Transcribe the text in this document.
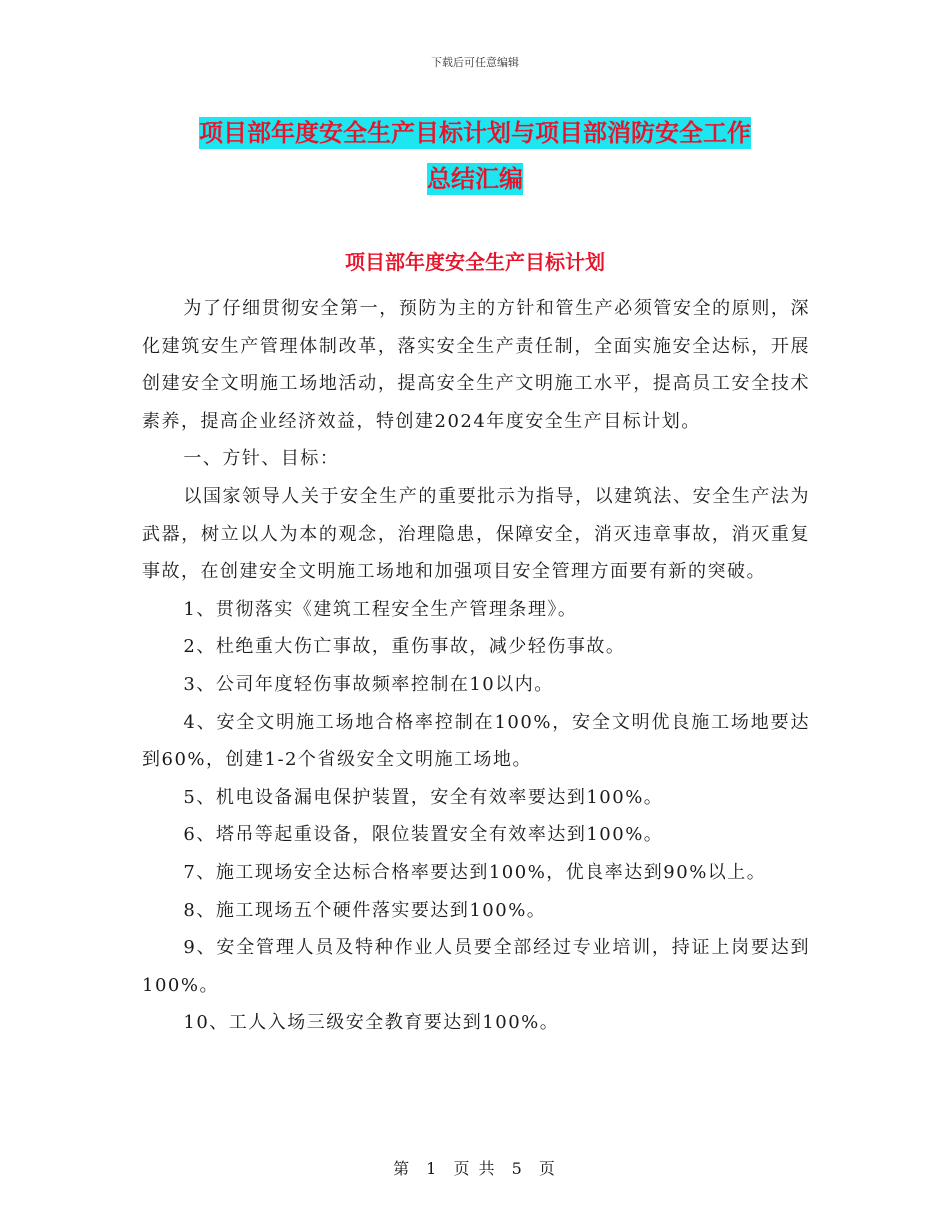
下载后可任意编辑
项目部年度安全生产目标计划与项目部消防安全工作
总结汇编
项目部年度安全生产目标计划

为了仔细贯彻安全第一，预防为主的方针和管生产必须管安全的原则，深化建筑安生产管理体制改革，落实安全生产责任制，全面实施安全达标，开展创建安全文明施工场地活动，提高安全生产文明施工水平，提高员工安全技术素养，提高企业经济效益，特创建2024年度安全生产目标计划。

一、方针、目标：

以国家领导人关于安全生产的重要批示为指导，以建筑法、安全生产法为武器，树立以人为本的观念，治理隐患，保障安全，消灭违章事故，消灭重复事故，在创建安全文明施工场地和加强项目安全管理方面要有新的突破。

1、贯彻落实《建筑工程安全生产管理条理》。

2、杜绝重大伤亡事故，重伤事故，减少轻伤事故。

3、公司年度轻伤事故频率控制在10以内。

4、安全文明施工场地合格率控制在100%，安全文明优良施工场地要达到60%，创建1-2个省级安全文明施工场地。

5、机电设备漏电保护装置，安全有效率要达到100%。

6、塔吊等起重设备，限位装置安全有效率达到100%。

7、施工现场安全达标合格率要达到100%，优良率达到90%以上。

8、施工现场五个硬件落实要达到100%。

9、安全管理人员及特种作业人员要全部经过专业培训，持证上岗要达到100%。

10、工人入场三级安全教育要达到100%。

第 1 页 共 5 页
